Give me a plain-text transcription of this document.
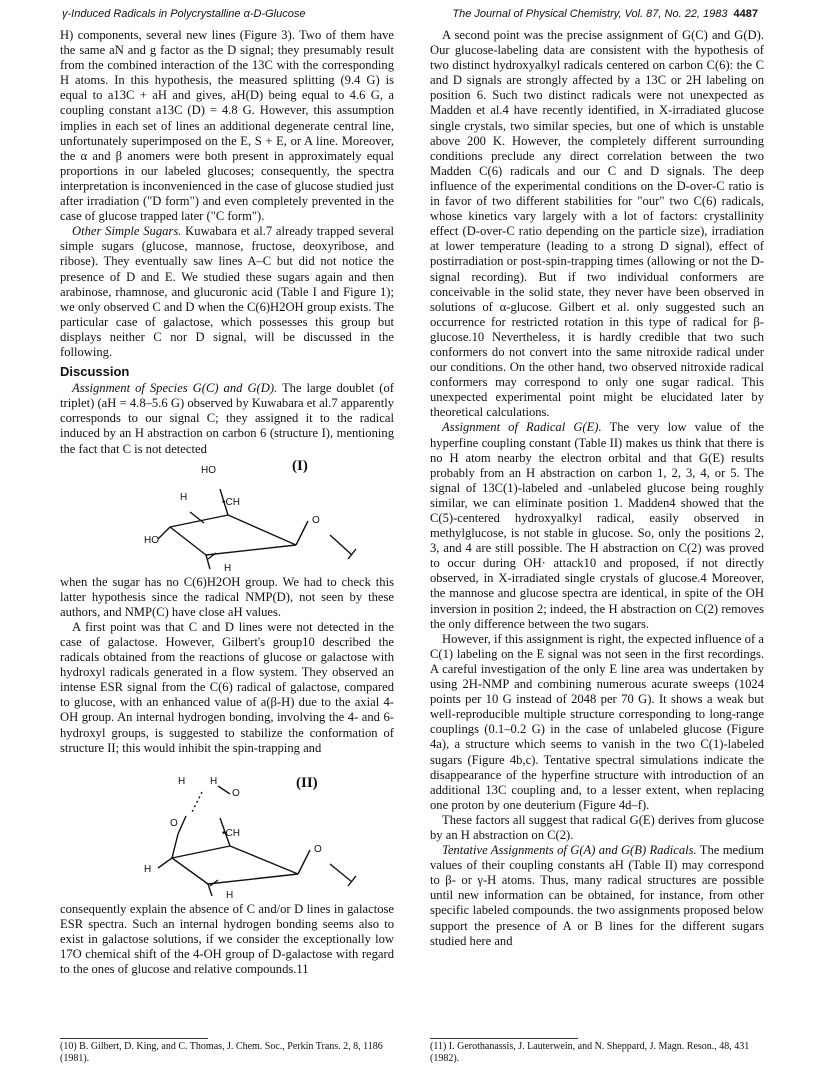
γ-Induced Radicals in Polycrystalline α-D-Glucose	The Journal of Physical Chemistry, Vol. 87, No. 22, 1983 4487

H) components, several new lines (Figure 3). Two of them have the same aN and g factor as the D signal; they presumably result from the combined interaction of the 13C with the corresponding H atoms. In this hypothesis, the measured splitting (9.4 G) is equal to a13C + aH and gives, aH(D) being equal to 4.6 G, a coupling constant a13C (D) = 4.8 G. However, this assumption implies in each set of lines an additional degenerate central line, unfortunately superimposed on the E, S + E, or A line. Moreover, the α and β anomers were both present in approximately equal proportions in our labeled glucoses; consequently, the spectra interpretation is inconvenienced in the case of glucose studied just after irradiation ("D form") and even completely prevented in the case of glucose trapped later ("C form").

Other Simple Sugars. Kuwabara et al.7 already trapped several simple sugars (glucose, mannose, fructose, deoxyribose, and ribose). They eventually saw lines A–C but did not notice the presence of D and E. We studied these sugars again and then arabinose, rhamnose, and glucuronic acid (Table I and Figure 1); we only observed C and D when the C(6)H2OH group exists. The particular case of galactose, which possesses this group but displays neither C nor D signal, will be discussed in the following.

Discussion

Assignment of Species G(C) and G(D). The large doublet (of triplet) (aH = 4.8–5.6 G) observed by Kuwabara et al.7 apparently corresponds to our signal C; they assigned it to the radical induced by an H abstraction on carbon 6 (structure I), mentioning the fact that C is not detected

HO
H	•CH
O
HO
H
(I)

when the sugar has no C(6)H2OH group. We had to check this latter hypothesis since the radical NMP(D), not seen by these authors, and NMP(C) have close aH values.

A first point was that C and D lines were not detected in the case of galactose. However, Gilbert's group10 described the radicals obtained from the reactions of glucose or galactose with hydroxyl radicals generated in a flow system. They observed an intense ESR signal from the C(6) radical of galactose, compared to glucose, with an enhanced value of a(β-H) due to the axial 4-OH group. An internal hydrogen bonding, involving the 4- and 6-hydroxyl groups, is suggested to stabilize the conformation of structure II; this would inhibit the spin-trapping and

H H
O
O
•CH
O
H
H
(II)

consequently explain the absence of C and/or D lines in galactose ESR spectra. Such an internal hydrogen bonding seems also to exist in galactose solutions, if we consider the exceptionally low 17O chemical shift of the 4-OH group of D-galactose with regard to the ones of glucose and relative compounds.11

A second point was the precise assignment of G(C) and G(D). Our glucose-labeling data are consistent with the hypothesis of two distinct hydroxyalkyl radicals centered on carbon C(6): the C and D signals are strongly affected by a 13C or 2H labeling on position 6. Such two distinct radicals were not unexpected as Madden et al.4 have recently identified, in X-irradiated glucose single crystals, two similar species, but one of which is unstable above 200 K. However, the completely different surrounding conditions preclude any direct correlation between the two Madden C(6) radicals and our C and D signals. The deep influence of the experimental conditions on the D-over-C ratio is in favor of two different stabilities for "our" two C(6) radicals, whose kinetics vary largely with a lot of factors: crystallinity effect (D-over-C ratio depending on the particle size), irradiation at lower temperature (leading to a strong D signal), effect of postirradiation or post-spin-trapping times (allowing or not the D-signal recording). But if two individual conformers are conceivable in the solid state, they never have been observed in solutions of α-glucose. Gilbert et al. only suggested such an occurrence for restricted rotation in this type of radical for β-glucose.10 Nevertheless, it is hardly credible that two such conformers do not convert into the same nitroxide radical under our conditions. On the other hand, two observed nitroxide radical conformers may correspond to only one sugar radical. This unexpected experimental point might be elucidated later by theoretical calculations.

Assignment of Radical G(E). The very low value of the hyperfine coupling constant (Table II) makes us think that there is no H atom nearby the electron orbital and that G(E) results probably from an H abstraction on carbon 1, 2, 3, 4, or 5. The signal of 13C(1)-labeled and -unlabeled glucose being roughly similar, we can eliminate position 1. Madden4 showed that the C(5)-centered hydroxyalkyl radical, easily observed in methylglucose, is not stable in glucose. So, only the positions 2, 3, and 4 are still possible. The H abstraction on C(2) was proved to occur during OH· attack10 and proposed, if not directly observed, in X-irradiated single crystals of glucose.4 Moreover, the mannose and glucose spectra are identical, in spite of the OH inversion in position 2; indeed, the H abstraction on C(2) removes the only difference between the two sugars.

However, if this assignment is right, the expected influence of a C(1) labeling on the E signal was not seen in the first recordings. A careful investigation of the only E line area was undertaken by using 2H-NMP and combining numerous acurate sweeps (1024 points per 10 G instead of 2048 per 70 G). It shows a weak but well-reproducible multiple structure corresponding to long-range couplings (0.1–0.2 G) in the case of unlabeled glucose (Figure 4a), a structure which seems to vanish in the two C(1)-labeled sugars (Figure 4b,c). Tentative spectral simulations indicate the disappearance of the hyperfine structure with introduction of an additional 13C coupling and, to a lesser extent, when replacing one proton by one deuterium (Figure 4d–f).

These factors all suggest that radical G(E) derives from glucose by an H abstraction on C(2).

Tentative Assignments of G(A) and G(B) Radicals. The medium values of their coupling constants aH (Table II) may correspond to β- or γ-H atoms. Thus, many radical structures are possible until new information can be obtained, for instance, from other specific labeled compounds. the two assignments proposed below support the presence of A or B lines for the different sugars studied here and

(10) B. Gilbert, D. King, and C. Thomas, J. Chem. Soc., Perkin Trans. 2, 8, 1186 (1981).
(11) I. Gerothanassis, J. Lauterwein, and N. Sheppard, J. Magn. Reson., 48, 431 (1982).
